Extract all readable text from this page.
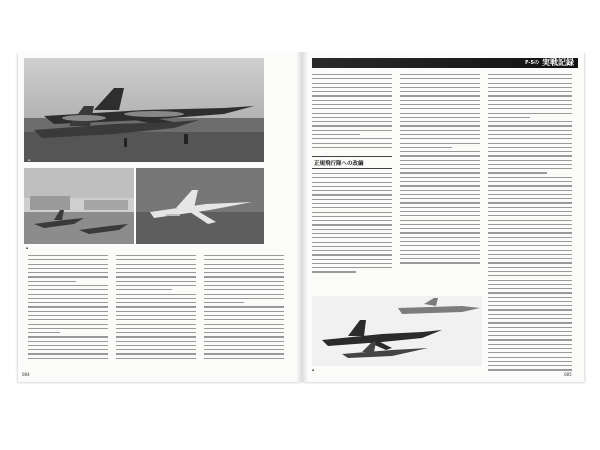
▪
▪
084
F-5の 実戦記録
正規飛行隊への改編
▪
085
